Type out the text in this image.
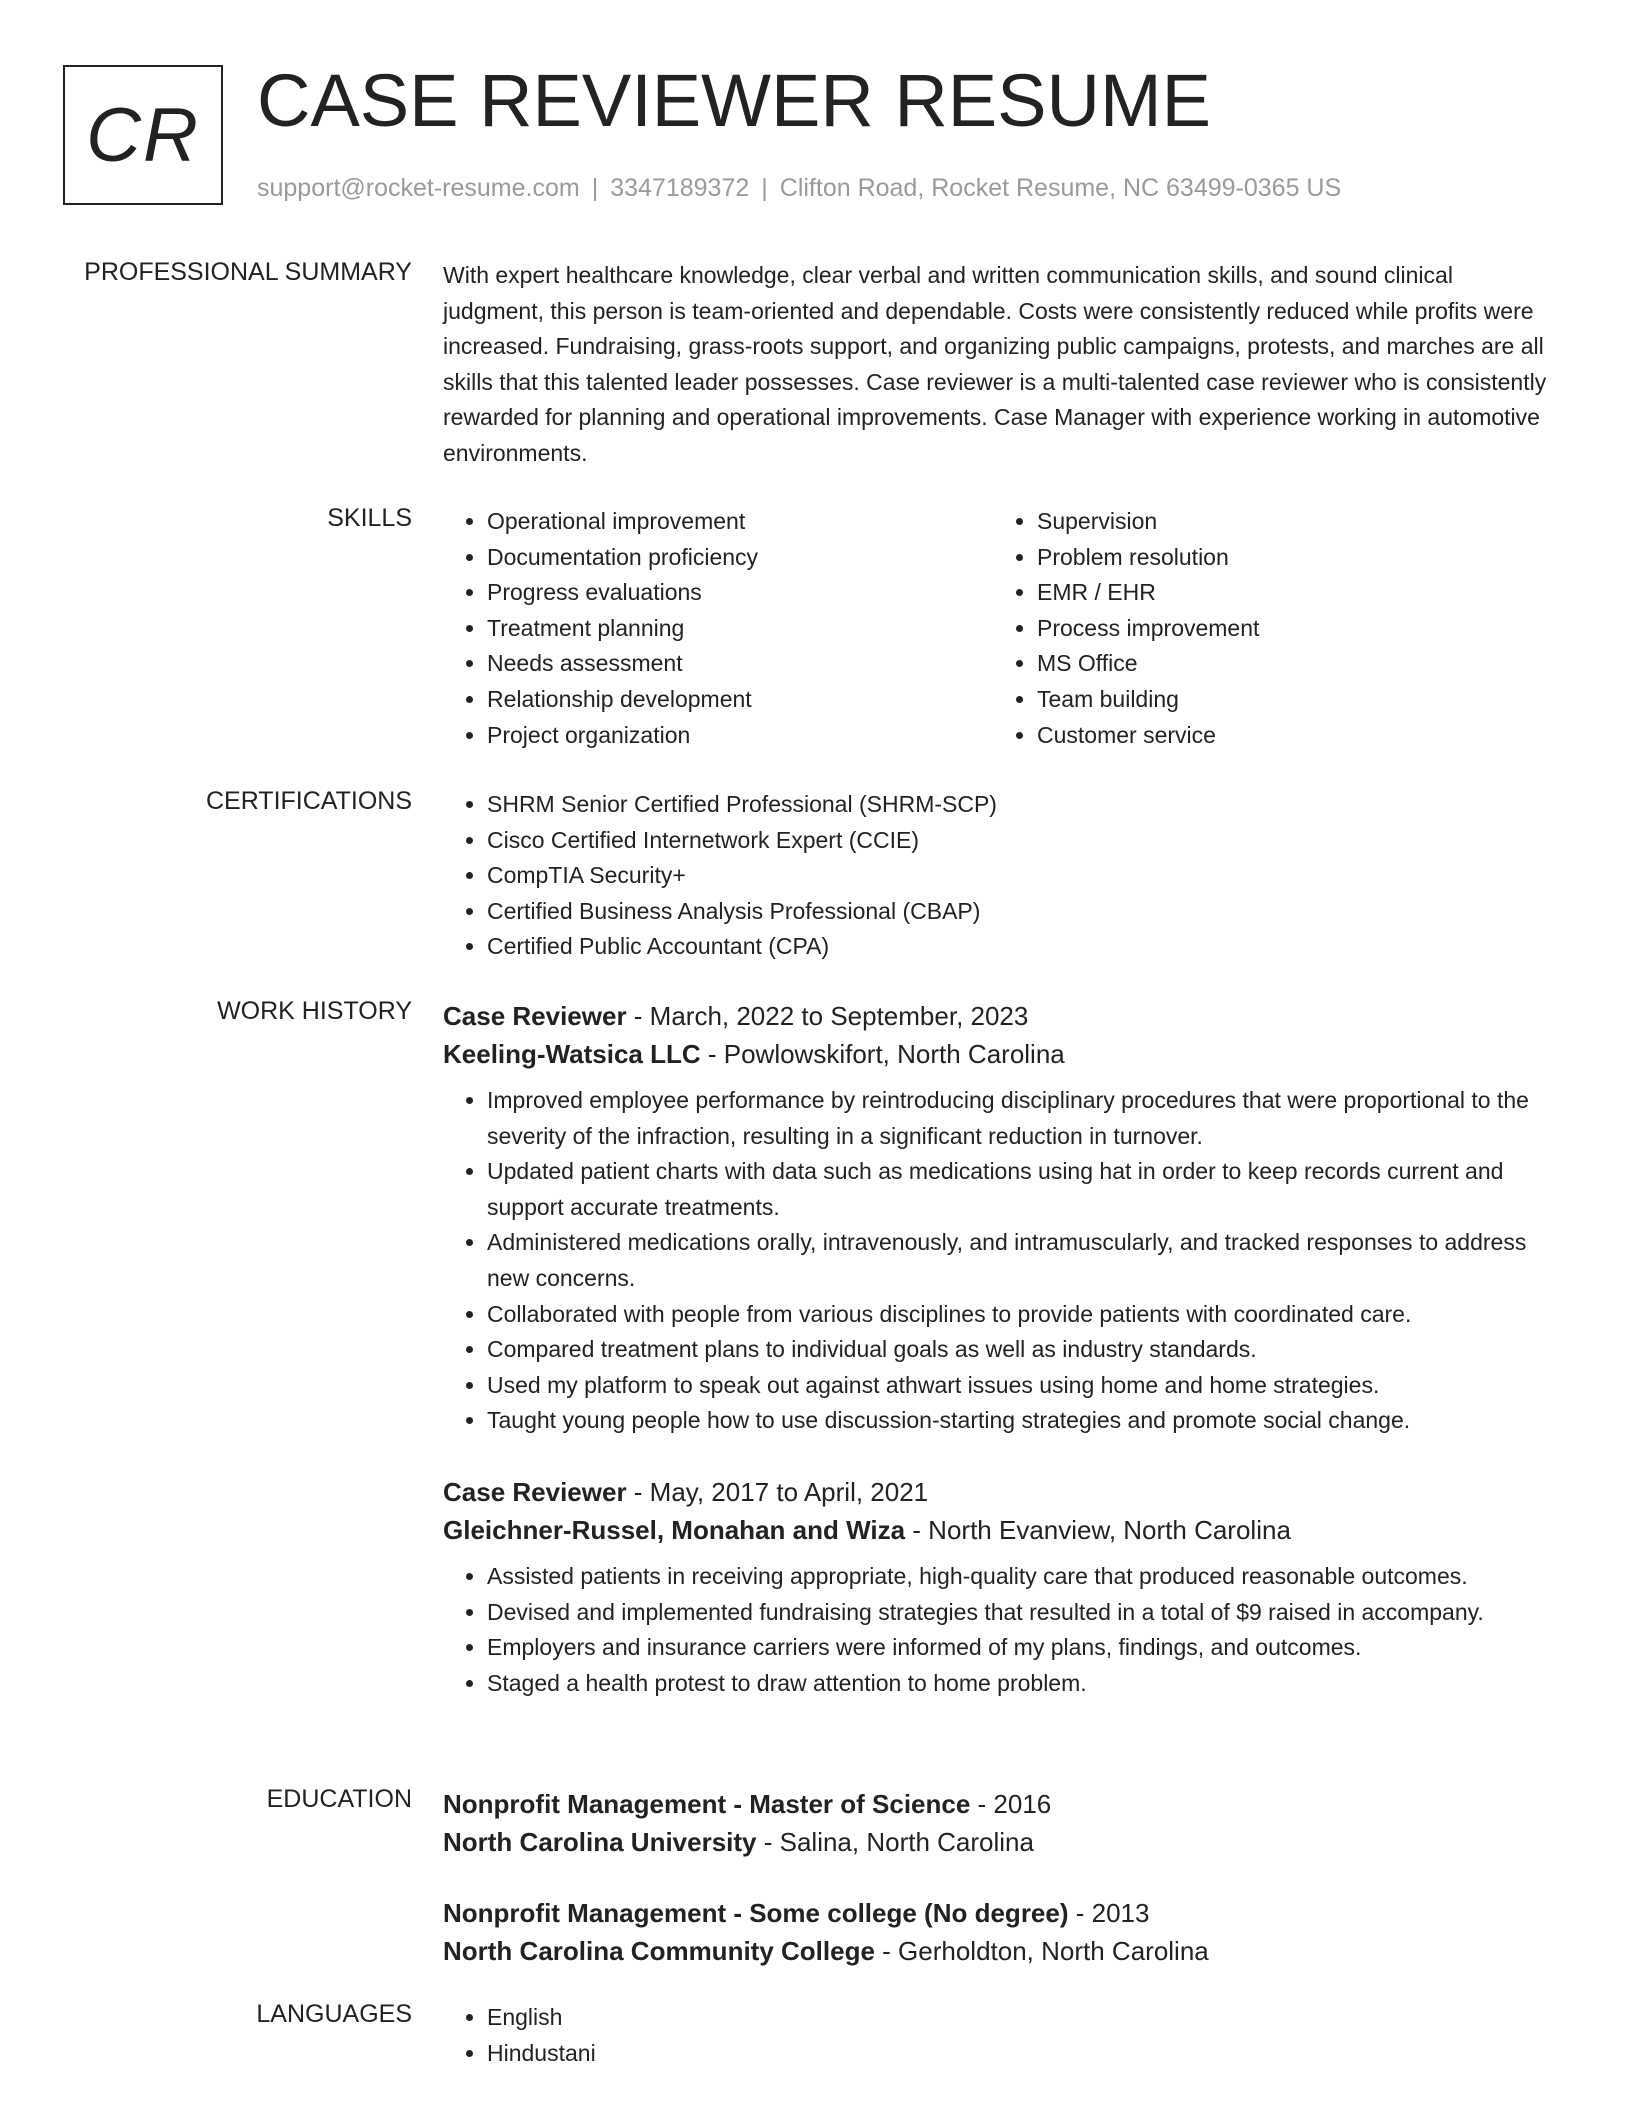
CR CASE REVIEWER RESUME
support@rocket-resume.com | 3347189372 | Clifton Road, Rocket Resume, NC 63499-0365 US
PROFESSIONAL SUMMARY With expert healthcare knowledge, clear verbal and written communication skills, and sound clinical judgment, this person is team-oriented and dependable. Costs were consistently reduced while profits were increased. Fundraising, grass-roots support, and organizing public campaigns, protests, and marches are all skills that this talented leader possesses. Case reviewer is a multi-talented case reviewer who is consistently rewarded for planning and operational improvements. Case Manager with experience working in automotive environments.
SKILLS	• Operational improvement
• Documentation proficiency
• Progress evaluations
• Treatment planning
• Needs assessment
• Relationship development
• Project organization
• Supervision
• Problem resolution
• EMR / EHR
• Process improvement
• MS Office
• Team building
• Customer service
CERTIFICATIONS	• SHRM Senior Certified Professional (SHRM-SCP)
• Cisco Certified Internetwork Expert (CCIE)
• CompTIA Security+
• Certified Business Analysis Professional (CBAP)
• Certified Public Accountant (CPA)
WORK HISTORY Case Reviewer - March, 2022 to September, 2023
Keeling-Watsica LLC - Powlowskifort, North Carolina
• Improved employee performance by reintroducing disciplinary procedures that were proportional to the severity of the infraction, resulting in a significant reduction in turnover.
• Updated patient charts with data such as medications using hat in order to keep records current and support accurate treatments.
• Administered medications orally, intravenously, and intramuscularly, and tracked responses to address new concerns.
• Collaborated with people from various disciplines to provide patients with coordinated care.
• Compared treatment plans to individual goals as well as industry standards.
• Used my platform to speak out against athwart issues using home and home strategies.
• Taught young people how to use discussion-starting strategies and promote social change.
Case Reviewer - May, 2017 to April, 2021
Gleichner-Russel, Monahan and Wiza - North Evanview, North Carolina
• Assisted patients in receiving appropriate, high-quality care that produced reasonable outcomes.
• Devised and implemented fundraising strategies that resulted in a total of $9 raised in accompany.
• Employers and insurance carriers were informed of my plans, findings, and outcomes.
• Staged a health protest to draw attention to home problem.
EDUCATION Nonprofit Management - Master of Science - 2016
North Carolina University - Salina, North Carolina
Nonprofit Management - Some college (No degree) - 2013
North Carolina Community College - Gerholdton, North Carolina
LANGUAGES	• English
• Hindustani
